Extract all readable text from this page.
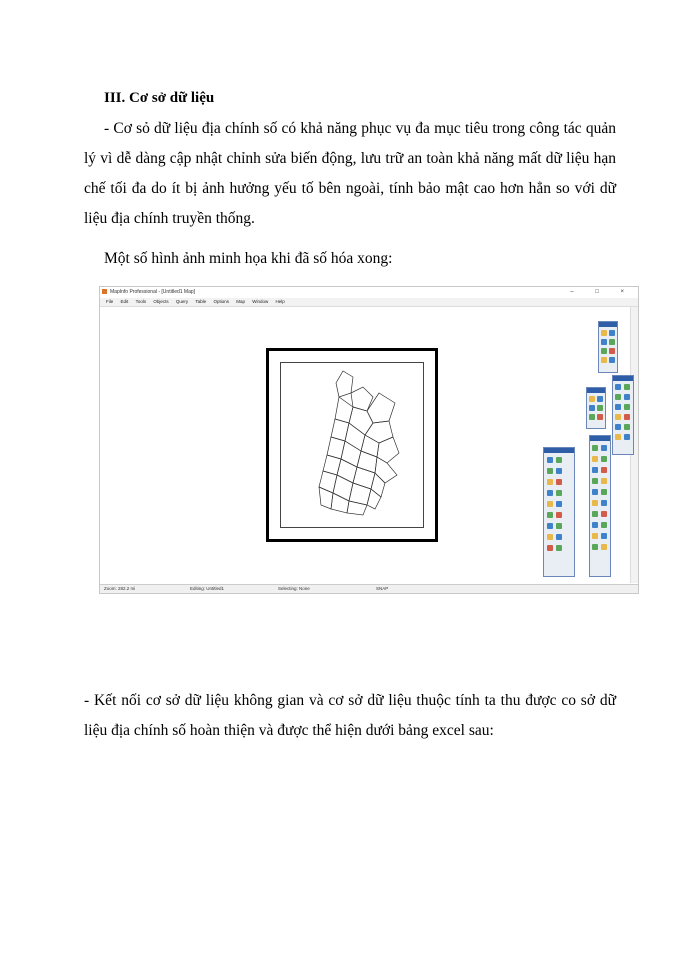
III. Cơ sở dữ liệu
- Cơ sỏ dữ liệu địa chính số có khả năng phục vụ đa mục tiêu trong công tác quản lý vì dễ dàng cập nhật chỉnh sửa biến động, lưu trữ an toàn khả năng mất dữ liệu hạn chế tối đa do ít bị ảnh hưởng yếu tố bên ngoài, tính bảo mật cao hơn hẳn so với dữ liệu địa chính truyền thống.
Một số hình ảnh minh họa khi đã số hóa xong:
MapInfo Professional - [Untitled1 Map]	– □ ×
File Edit Tools Objects Query Table Options Map Window Help
Zoom: 282.2 mi	Editing: Untitled1	Selecting: None	SNAP
- Kết nối cơ sở dữ liệu không gian và cơ sở dữ liệu thuộc tính ta thu được co sở dữ liệu địa chính số hoàn thiện và được thể hiện dưới bảng excel sau:
